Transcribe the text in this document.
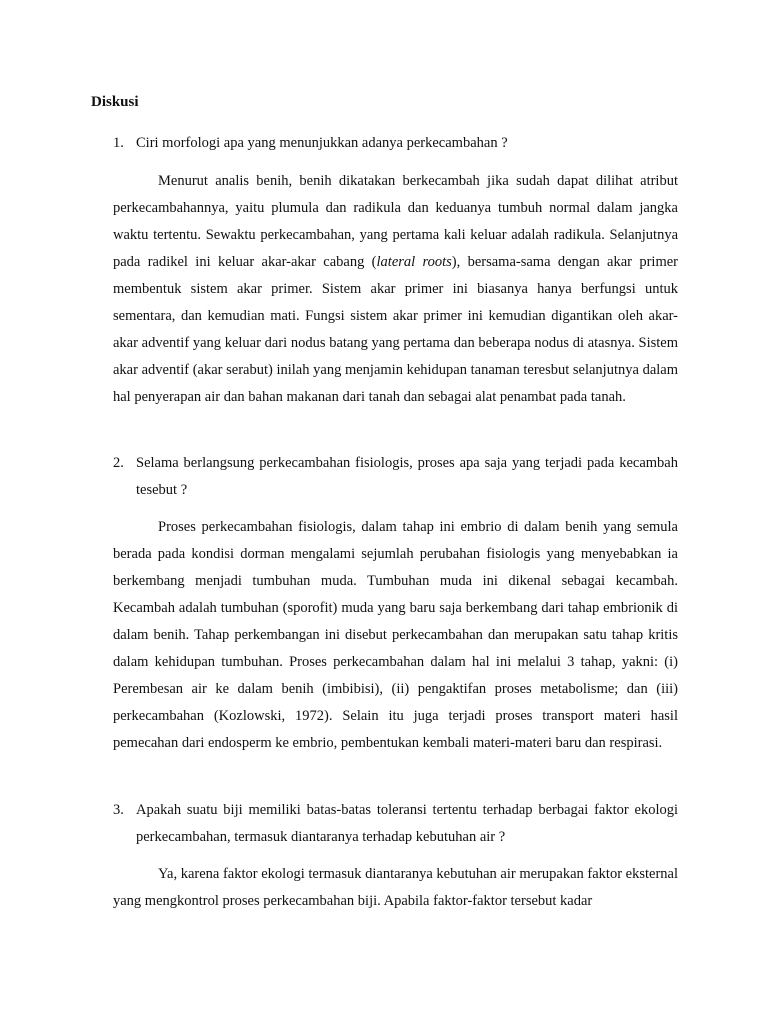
Diskusi

1. Ciri morfologi apa yang menunjukkan adanya perkecambahan ?

Menurut analis benih, benih dikatakan berkecambah jika sudah dapat dilihat atribut perkecambahannya, yaitu plumula dan radikula dan keduanya tumbuh normal dalam jangka waktu tertentu. Sewaktu perkecambahan, yang pertama kali keluar adalah radikula. Selanjutnya pada radikel ini keluar akar-akar cabang (lateral roots), bersama-sama dengan akar primer membentuk sistem akar primer. Sistem akar primer ini biasanya hanya berfungsi untuk sementara, dan kemudian mati. Fungsi sistem akar primer ini kemudian digantikan oleh akar-akar adventif yang keluar dari nodus batang yang pertama dan beberapa nodus di atasnya. Sistem akar adventif (akar serabut) inilah yang menjamin kehidupan tanaman teresbut selanjutnya dalam hal penyerapan air dan bahan makanan dari tanah dan sebagai alat penambat pada tanah.

2. Selama berlangsung perkecambahan fisiologis, proses apa saja yang terjadi pada kecambah tesebut ?

Proses perkecambahan fisiologis, dalam tahap ini embrio di dalam benih yang semula berada pada kondisi dorman mengalami sejumlah perubahan fisiologis yang menyebabkan ia berkembang menjadi tumbuhan muda. Tumbuhan muda ini dikenal sebagai kecambah. Kecambah adalah tumbuhan (sporofit) muda yang baru saja berkembang dari tahap embrionik di dalam benih. Tahap perkembangan ini disebut perkecambahan dan merupakan satu tahap kritis dalam kehidupan tumbuhan. Proses perkecambahan dalam hal ini melalui 3 tahap, yakni: (i) Perembesan air ke dalam benih (imbibisi), (ii) pengaktifan proses metabolisme; dan (iii) perkecambahan (Kozlowski, 1972). Selain itu juga terjadi proses transport materi hasil pemecahan dari endosperm ke embrio, pembentukan kembali materi-materi baru dan respirasi.

3. Apakah suatu biji memiliki batas-batas toleransi tertentu terhadap berbagai faktor ekologi perkecambahan, termasuk diantaranya terhadap kebutuhan air ?

Ya, karena faktor ekologi termasuk diantaranya kebutuhan air merupakan faktor eksternal yang mengkontrol proses perkecambahan biji. Apabila faktor-faktor tersebut kadar
